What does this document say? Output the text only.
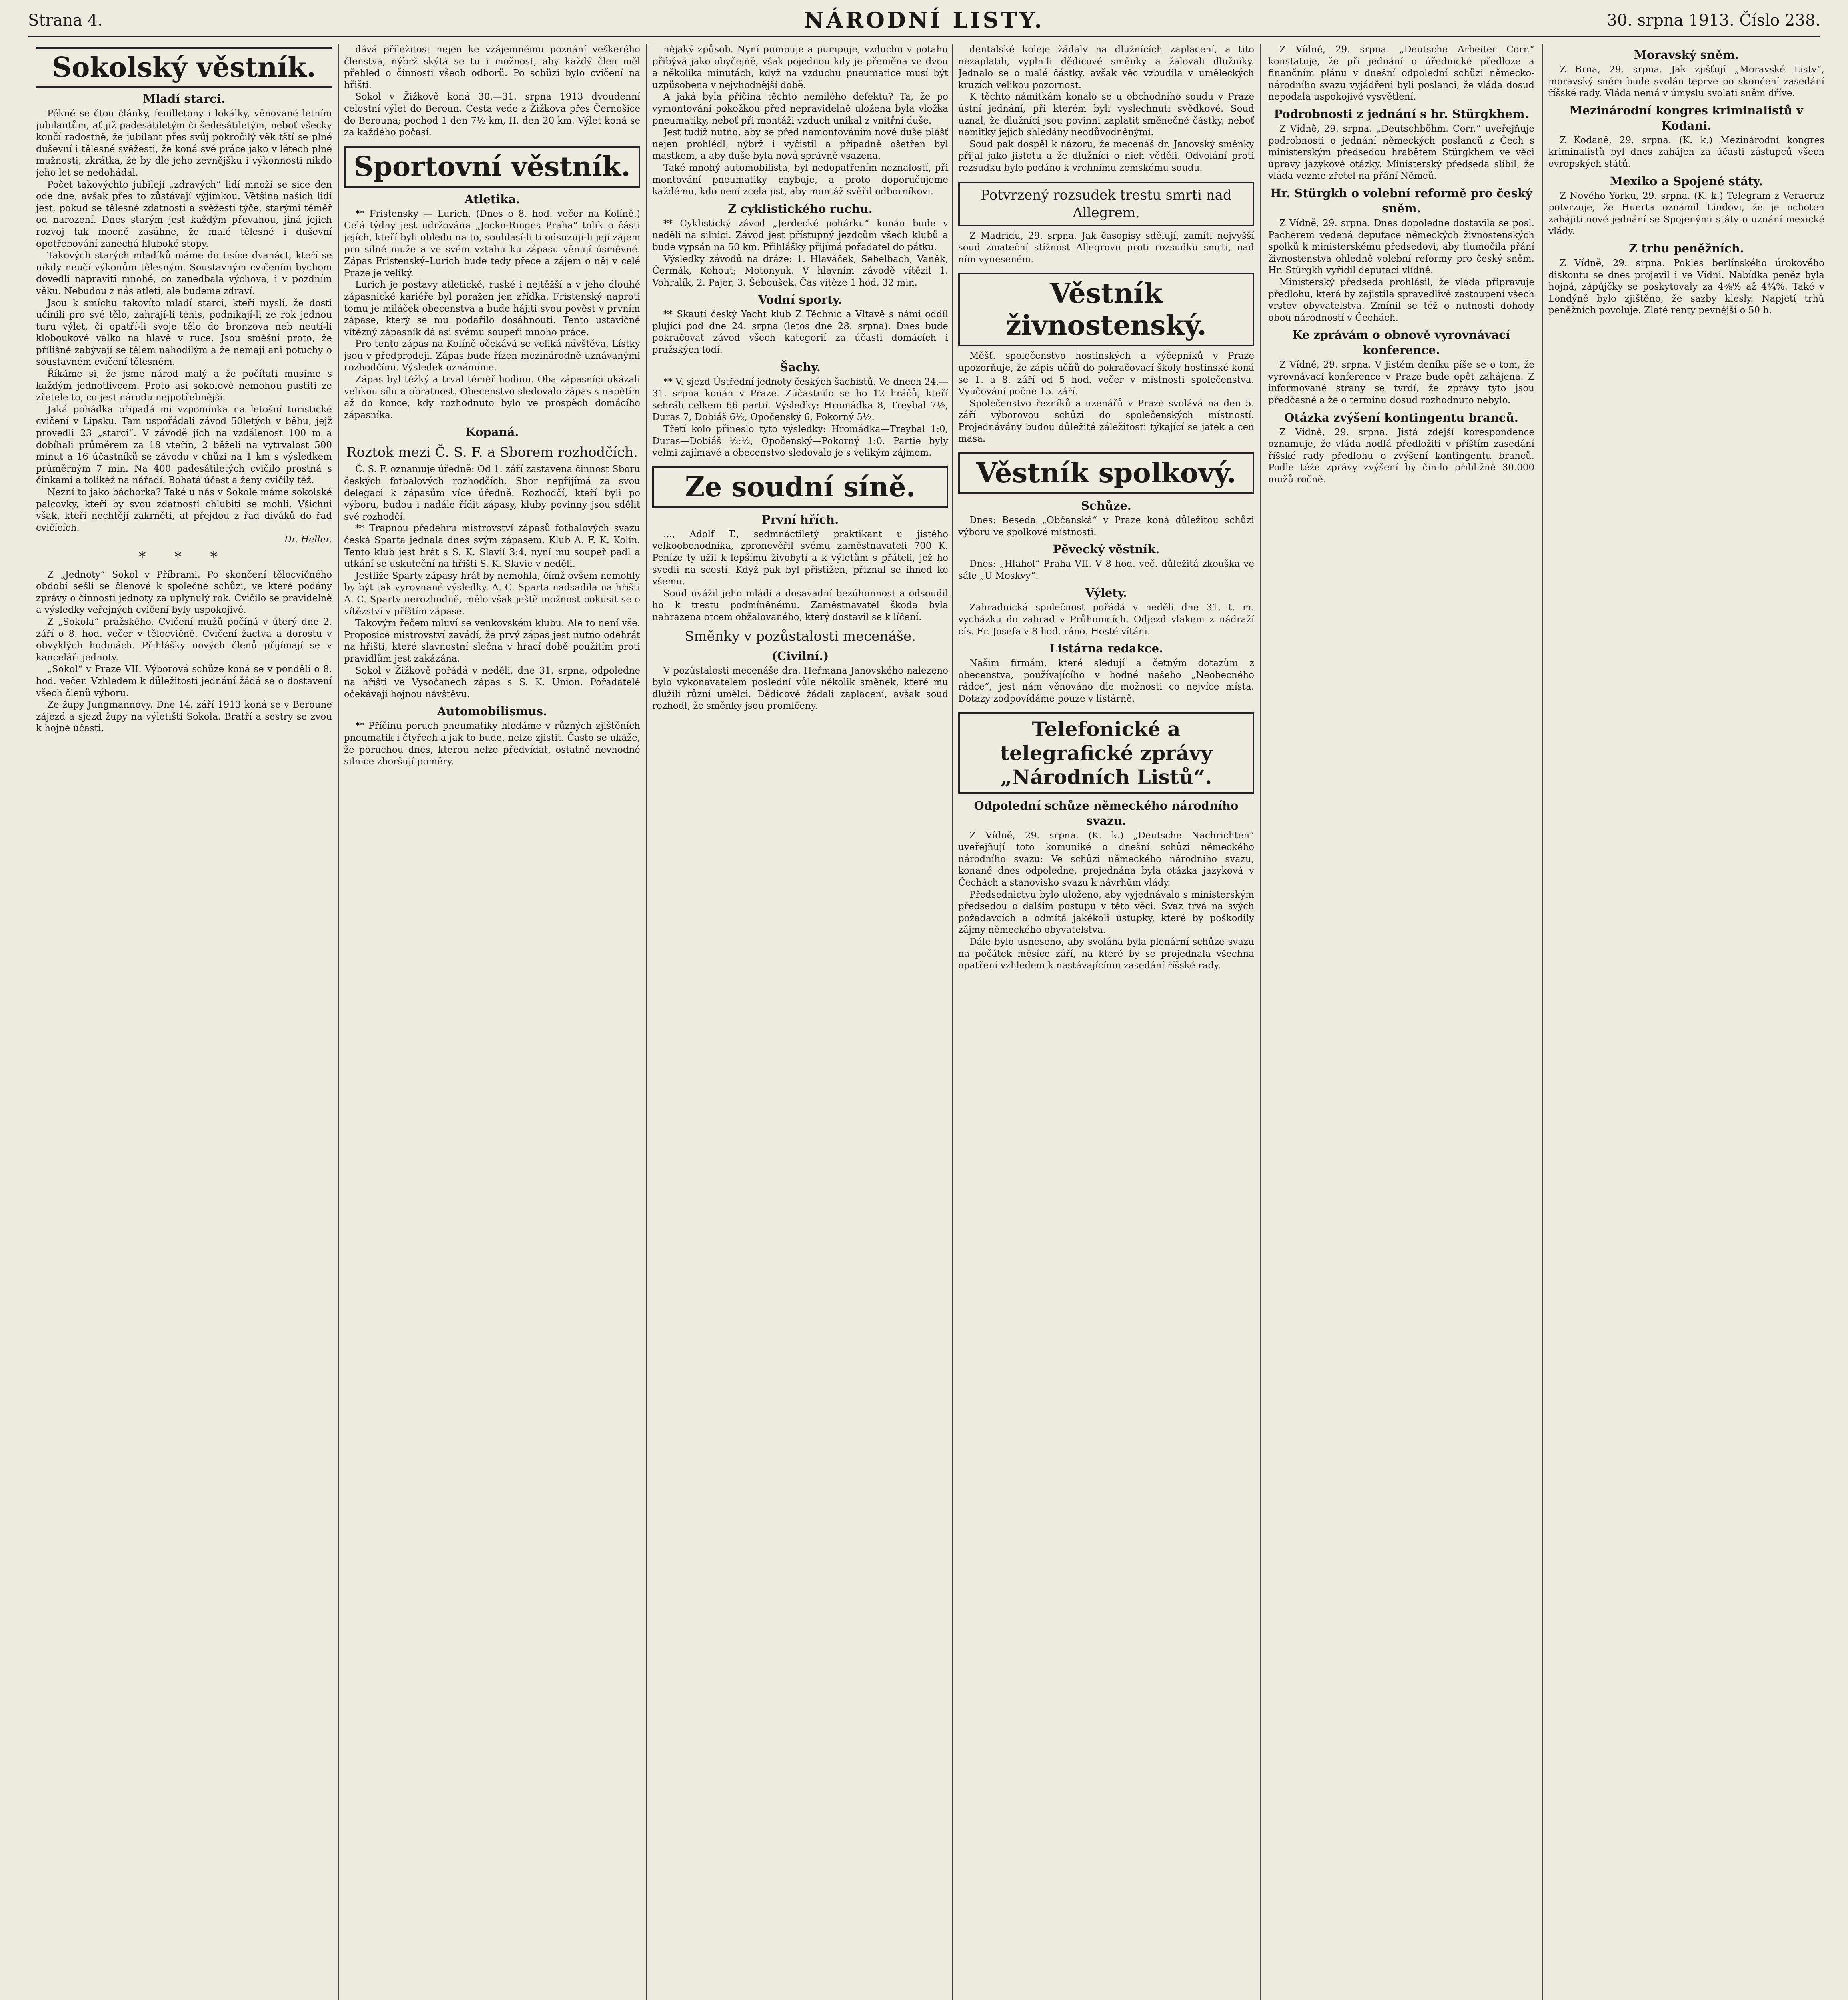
Strana 4.	NÁRODNÍ LISTY.	30. srpna 1913. Číslo 238.
Sokolský věstník.
Mladí starci.

Pěkně se čtou články, feuilletony i lokálky, věnované letním jubilantům, ať již padesátiletým či šedesátiletým, neboť všecky končí radostně, že jubilant přes svůj pokročilý věk tští se plné duševní i tělesné svěžesti, že koná své práce jako v létech plné mužnosti, zkrátka, že by dle jeho zevnějšku i výkonnosti nikdo jeho let se nedohádal.

Počet takovýchto jubilejí „zdravých“ lidí množí se sice den ode dne, avšak přes to zůstávají výjimkou. Většina našich lidí jest, pokud se tělesné zdatnosti a svěžesti týče, starými téměř od narození. Dnes starým jest každým převahou, jiná jejich rozvoj tak mocně zasáhne, že malé tělesné i duševní opotřebování zanechá hluboké stopy.

Takových starých mladíků máme do tisíce dvanáct, kteří se nikdy neučí výkonům tělesným. Soustavným cvičením bychom dovedli napraviti mnohé, co zanedbala výchova, i v pozdním věku. Nebudou z nás atleti, ale budeme zdraví.

Jsou k smíchu takovíto mladí starci, kteří myslí, že dosti učinili pro své tělo, zahrají-li tenis, podnikají-li ze rok jednou turu výlet, či opatří-li svoje tělo do bronzova neb neutí-li kloboukové válko na hlavě v ruce. Jsou směšní proto, že přílišně zabývají se tělem nahodilým a že nemají ani potuchy o soustavném cvičení tělesném.

Říkáme si, že jsme národ malý a že počítati musíme s každým jednotlivcem. Proto asi sokolové nemohou pustiti ze zřetele to, co jest národu nejpotřebnější.

Jaká pohádka připadá mi vzpomínka na letošní turistické cvičení v Lipsku. Tam uspořádali závod 50letých v běhu, jejž provedli 23 „starci“. V závodě jich na vzdálenost 100 m a dobíhali průměrem za 18 vteřin, 2 běželi na vytrvalost 500 minut a 16 účastníků se závodu v chůzi na 1 km s výsledkem průměrným 7 min. Na 400 padesátiletých cvičilo prostná s činkami a tolikéž na nářadí. Bohatá účast a ženy cvičily též.

Nezní to jako báchorka? Také u nás v Sokole máme sokolské palcovky, kteří by svou zdatností chlubiti se mohli. Všichni však, kteří nechtějí zakrněti, ať přejdou z řad diváků do řad cvičících.

Dr. Heller.
* * *

Z „Jednoty“ Sokol v Příbrami. Po skončení tělocvičného období sešli se členové k společné schůzi, ve které podány zprávy o činnosti jednoty za uplynulý rok. Cvičilo se pravidelně a výsledky veřejných cvičení byly uspokojivé.

Z „Sokola“ pražského. Cvičení mužů počíná v úterý dne 2. září o 8. hod. večer v tělocvičně. Cvičení žactva a dorostu v obvyklých hodinách. Přihlášky nových členů přijímají se v kanceláři jednoty.

„Sokol“ v Praze VII. Výborová schůze koná se v pondělí o 8. hod. večer. Vzhledem k důležitosti jednání žádá se o dostavení všech členů výboru.

Ze župy Jungmannovy. Dne 14. září 1913 koná se v Beroune zájezd a sjezd župy na výletišti Sokola. Bratří a sestry se zvou k hojné účasti.

dává příležitost nejen ke vzájemnému poznání veškerého členstva, nýbrž skýtá se tu i možnost, aby každý člen měl přehled o činnosti všech odborů. Po schůzi bylo cvičení na hřišti.

Sokol v Žižkově koná 30.—31. srpna 1913 dvoudenní celostní výlet do Beroun. Cesta vede z Žižkova přes Černošice do Berouna; pochod 1 den 7½ km, II. den 20 km. Výlet koná se za každého počasí.

Sportovní věstník.
Atletika.

** Fristensky — Lurich. (Dnes o 8. hod. večer na Kolíně.) Celá týdny jest udržována „Jocko-Ringes Praha“ tolik o části jejích, kteří byli obledu na to, souhlasí-li ti odsuzují-li její zájem pro silné muže a ve svém vztahu ku zápasu věnují úsměvné. Zápas Fristenský–Lurich bude tedy přece a zájem o něj v celé Praze je veliký.

Lurich je postavy atletické, ruské i nejtěžší a v jeho dlouhé zápasnické kariéře byl poražen jen zřídka. Fristenský naproti tomu je miláček obecenstva a bude hájiti svou pověst v prvním zápase, který se mu podařilo dosáhnouti. Tento ustavičně vítězný zápasník dá asi svému soupeři mnoho práce.

Pro tento zápas na Kolíně očekává se veliká návštěva. Lístky jsou v předprodeji. Zápas bude řízen mezinárodně uznávanými rozhodčími. Výsledek oznámíme.

Zápas byl těžký a trval téměř hodinu. Oba zápasníci ukázali velikou sílu a obratnost. Obecenstvo sledovalo zápas s napětím až do konce, kdy rozhodnuto bylo ve prospěch domácího zápasníka.

Kopaná.
Roztok mezi Č. S. F. a Sborem rozhodčích.

Č. S. F. oznamuje úředně: Od 1. září zastavena činnost Sboru českých fotbalových rozhodčích. Sbor nepřijímá za svou delegaci k zápasům více úředně. Rozhodčí, kteří byli po výboru, budou i nadále řídit zápasy, kluby povinny jsou sdělit své rozhodčí.

** Trapnou předehru mistrovství zápasů fotbalových svazu česká Sparta jednala dnes svým zápasem. Klub A. F. K. Kolín. Tento klub jest hrát s S. K. Slavií 3:4, nyní mu soupeř padl a utkání se uskuteční na hřišti S. K. Slavie v neděli.

Jestliže Sparty zápasy hrát by nemohla, čímž ovšem nemohly by být tak vyrovnané výsledky. A. C. Sparta nadsadila na hřišti A. C. Sparty nerozhodně, mělo však ještě možnost pokusit se o vítězství v příštím zápase.

Takovým řečem mluví se venkovském klubu. Ale to není vše. Proposice mistrovství zavádí, že prvý zápas jest nutno odehrát na hřišti, které slavnostní slečna v hrací době použitím proti pravidlům jest zakázána.

Sokol v Žižkově pořádá v neděli, dne 31. srpna, odpoledne na hřišti ve Vysočanech zápas s S. K. Union. Pořadatelé očekávají hojnou návštěvu.

Automobilismus.

** Příčinu poruch pneumatiky hledáme v různých zjištěních pneumatik i čtyřech a jak to bude, nelze zjistit. Často se ukáže, že poruchou dnes, kterou nelze předvídat, ostatně nevhodné silnice zhoršují poměry.

nějaký způsob. Nyní pumpuje a pumpuje, vzduchu v potahu přibývá jako obyčejně, však pojednou kdy je přeměna ve dvou a několika minutách, když na vzduchu pneumatice musí být uzpůsobena v nejvhodnější době.

A jaká byla příčina těchto nemilého defektu? Ta, že po vymontování pokožkou před nepravidelně uložena byla vložka pneumatiky, neboť při montáži vzduch unikal z vnitřní duše.

Jest tudíž nutno, aby se před namontováním nové duše plášť nejen prohlédl, nýbrž i vyčistil a případně ošetřen byl mastkem, a aby duše byla nová správně vsazena.

Také mnohý automobilista, byl nedopatřením neznalostí, při montování pneumatiky chybuje, a proto doporučujeme každému, kdo není zcela jist, aby montáž svěřil odborníkovi.

Z cyklistického ruchu.

** Cyklistický závod „Jerdecké pohárku“ konán bude v neděli na silnici. Závod jest přístupný jezdcům všech klubů a bude vypsán na 50 km. Přihlášky přijímá pořadatel do pátku.

Výsledky závodů na dráze: 1. Hlaváček, Sebelbach, Vaněk, Čermák, Kohout; Motonyuk. V hlavním závodě vítězil 1. Vohralík, 2. Pajer, 3. Šeboušek. Čas vítěze 1 hod. 32 min.

Vodní sporty.

** Skautí český Yacht klub Z Těchnic a Vltavě s námi oddíl plující pod dne 24. srpna (letos dne 28. srpna). Dnes bude pokračovat závod všech kategorií za účasti domácích i pražských lodí.

Šachy.

** V. sjezd Ústřední jednoty českých šachistů. Ve dnech 24.—31. srpna konán v Praze. Zúčastnilo se ho 12 hráčů, kteří sehráli celkem 66 partií. Výsledky: Hromádka 8, Treybal 7½, Duras 7, Dobiáš 6½, Opočenský 6, Pokorný 5½.

Třetí kolo přineslo tyto výsledky: Hromádka—Treybal 1:0, Duras—Dobiáš ½:½, Opočenský—Pokorný 1:0. Partie byly velmi zajímavé a obecenstvo sledovalo je s velikým zájmem.

Ze soudní síně.
První hřích.

..., Adolf T., sedmnáctiletý praktikant u jistého velkoobchodníka, zpronevěřil svému zaměstnavateli 700 K. Peníze ty užil k lepšímu živobytí a k výletům s přáteli, jež ho svedli na scestí. Když pak byl přistižen, přiznal se ihned ke všemu.

Soud uvážil jeho mládí a dosavadní bezúhonnost a odsoudil ho k trestu podmíněnému. Zaměstnavatel škoda byla nahrazena otcem obžalovaného, který dostavil se k líčení.

Směnky v pozůstalosti mecenáše.
(Civilní.)

V pozůstalosti mecenáše dra. Heřmana Janovského nalezeno bylo vykonavatelem poslední vůle několik směnek, které mu dlužili různí umělci. Dědicové žádali zaplacení, avšak soud rozhodl, že směnky jsou promlčeny.

dentalské koleje žádaly na dlužnících zaplacení, a tito nezaplatili, vyplnili dědicové směnky a žalovali dlužníky. Jednalo se o malé částky, avšak věc vzbudila v uměleckých kruzích velikou pozornost.

K těchto námitkám konalo se u obchodního soudu v Praze ústní jednání, při kterém byli vyslechnuti svědkové. Soud uznal, že dlužníci jsou povinni zaplatit směnečné částky, neboť námitky jejich shledány neodůvodněnými.

Soud pak dospěl k názoru, že mecenáš dr. Janovský směnky přijal jako jistotu a že dlužníci o nich věděli. Odvolání proti rozsudku bylo podáno k vrchnímu zemskému soudu.

Potvrzený rozsudek trestu smrti nad Allegrem.

Z Madridu, 29. srpna. Jak časopisy sdělují, zamítl nejvyšší soud zmateční stížnost Allegrovu proti rozsudku smrti, nad ním vyneseném.

Věstník živnostenský.

Měšť. společenstvo hostinských a výčepníků v Praze upozorňuje, že zápis učňů do pokračovací školy hostinské koná se 1. a 8. září od 5 hod. večer v místnosti společenstva. Vyučování počne 15. září.

Společenstvo řezníků a uzenářů v Praze svolává na den 5. září výborovou schůzi do společenských místností. Projednávány budou důležité záležitosti týkající se jatek a cen masa.

Věstník spolkový.
Schůze.

Dnes: Beseda „Občanská“ v Praze koná důležitou schůzi výboru ve spolkové místnosti.

Pěvecký věstník.

Dnes: „Hlahol“ Praha VII. V 8 hod. več. důležitá zkouška ve sále „U Moskvy“.

Výlety.

Zahradnická společnost pořádá v neděli dne 31. t. m. vycházku do zahrad v Průhonicích. Odjezd vlakem z nádraží cís. Fr. Josefa v 8 hod. ráno. Hosté vítáni.

Listárna redakce.

Našim firmám, které sledují a četným dotazům z obecenstva, používajícího v hodné našeho „Neobecného rádce“, jest nám věnováno dle možnosti co nejvíce místa. Dotazy zodpovídáme pouze v listárně.

Telefonické a telegrafické zprávy „Národních Listů“.
Odpolední schůze německého národního svazu.

Z Vídně, 29. srpna. (K. k.) „Deutsche Nachrichten“ uveřejňují toto komuniké o dnešní schůzi německého národního svazu: Ve schůzi německého národního svazu, konané dnes odpoledne, projednána byla otázka jazyková v Čechách a stanovisko svazu k návrhům vlády.

Předsednictvu bylo uloženo, aby vyjednávalo s ministerským předsedou o dalším postupu v této věci. Svaz trvá na svých požadavcích a odmítá jakékoli ústupky, které by poškodily zájmy německého obyvatelstva.

Dále bylo usneseno, aby svolána byla plenární schůze svazu na počátek měsíce září, na které by se projednala všechna opatření vzhledem k nastávajícímu zasedání říšské rady.

Z Vídně, 29. srpna. „Deutsche Arbeiter Corr.“ konstatuje, že při jednání o úřednické předloze a finančním plánu v dnešní odpolední schůzi německo-národního svazu vyjádřeni byli poslanci, že vláda dosud nepodala uspokojivé vysvětlení.

Podrobnosti z jednání s hr. Stürgkhem.

Z Vídně, 29. srpna. „Deutschböhm. Corr.“ uveřejňuje podrobnosti o jednání německých poslanců z Čech s ministerským předsedou hrabětem Stürgkhem ve věci úpravy jazykové otázky. Ministerský předseda slíbil, že vláda vezme zřetel na přání Němců.

Hr. Stürgkh o volební reformě pro český sněm.

Z Vídně, 29. srpna. Dnes dopoledne dostavila se posl. Pacherem vedená deputace německých živnostenských spolků k ministerskému předsedovi, aby tlumočila přání živnostenstva ohledně volební reformy pro český sněm. Hr. Stürgkh vyřídil deputaci vlídně.

Ministerský předseda prohlásil, že vláda připravuje předlohu, která by zajistila spravedlivé zastoupení všech vrstev obyvatelstva. Zmínil se též o nutnosti dohody obou národností v Čechách.

Ke zprávám o obnově vyrovnávací konference.

Z Vídně, 29. srpna. V jistém deníku píše se o tom, že vyrovnávací konference v Praze bude opět zahájena. Z informované strany se tvrdí, že zprávy tyto jsou předčasné a že o termínu dosud rozhodnuto nebylo.

Otázka zvýšení kontingentu branců.

Z Vídně, 29. srpna. Jistá zdejší korespondence oznamuje, že vláda hodlá předložiti v příštím zasedání říšské rady předlohu o zvýšení kontingentu branců. Podle téže zprávy zvýšení by činilo přibližně 30.000 mužů ročně.

Moravský sněm.

Z Brna, 29. srpna. Jak zjišťují „Moravské Listy“, moravský sněm bude svolán teprve po skončení zasedání říšské rady. Vláda nemá v úmyslu svolati sněm dříve.

Mezinárodní kongres kriminalistů v Kodani.

Z Kodaně, 29. srpna. (K. k.) Mezinárodní kongres kriminalistů byl dnes zahájen za účasti zástupců všech evropských států.

Mexiko a Spojené státy.

Z Nového Yorku, 29. srpna. (K. k.) Telegram z Veracruz potvrzuje, že Huerta oznámil Lindovi, že je ochoten zahájiti nové jednání se Spojenými státy o uznání mexické vlády.

Z trhu peněžních.

Z Vídně, 29. srpna. Pokles berlínského úrokového diskontu se dnes projevil i ve Vídni. Nabídka peněz byla hojná, zápůjčky se poskytovaly za 4⅝% až 4¾%. Také v Londýně bylo zjištěno, že sazby klesly. Napjetí trhů peněžních povoluje. Zlaté renty pevnější o 50 h.
